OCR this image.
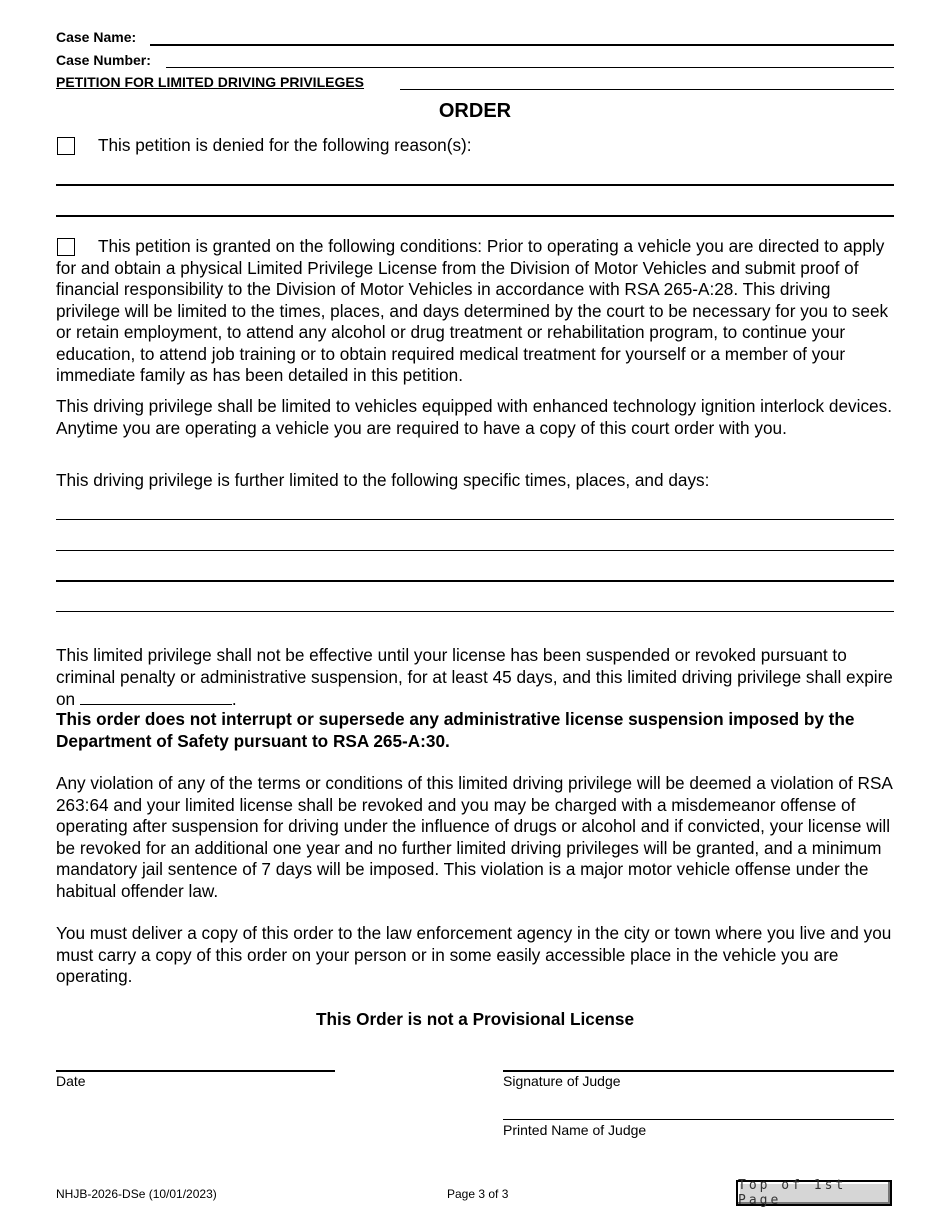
Case Name:
Case Number:
PETITION FOR LIMITED DRIVING PRIVILEGES
ORDER
This petition is denied for the following reason(s):
This petition is granted on the following conditions: Prior to operating a vehicle you are directed to apply for and obtain a physical Limited Privilege License from the Division of Motor Vehicles and submit proof of financial responsibility to the Division of Motor Vehicles in accordance with RSA 265-A:28. This driving privilege will be limited to the times, places, and days determined by the court to be necessary for you to seek or retain employment, to attend any alcohol or drug treatment or rehabilitation program, to continue your education, to attend job training or to obtain required medical treatment for yourself or a member of your immediate family as has been detailed in this petition.
This driving privilege shall be limited to vehicles equipped with enhanced technology ignition interlock devices. Anytime you are operating a vehicle you are required to have a copy of this court order with you.
This driving privilege is further limited to the following specific times, places, and days:
This limited privilege shall not be effective until your license has been suspended or revoked pursuant to criminal penalty or administrative suspension, for at least 45 days, and this limited driving privilege shall expire on	.
This order does not interrupt or supersede any administrative license suspension imposed by the Department of Safety pursuant to RSA 265-A:30.
Any violation of any of the terms or conditions of this limited driving privilege will be deemed a violation of RSA 263:64 and your limited license shall be revoked and you may be charged with a misdemeanor offense of operating after suspension for driving under the influence of drugs or alcohol and if convicted, your license will be revoked for an additional one year and no further limited driving privileges will be granted, and a minimum mandatory jail sentence of 7 days will be imposed. This violation is a major motor vehicle offense under the habitual offender law.
You must deliver a copy of this order to the law enforcement agency in the city or town where you live and you must carry a copy of this order on your person or in some easily accessible place in the vehicle you are operating.
This Order is not a Provisional License
Date	Signature of Judge
Printed Name of Judge
NHJB-2026-DSe (10/01/2023)	Page 3 of 3
Top of 1st Page
